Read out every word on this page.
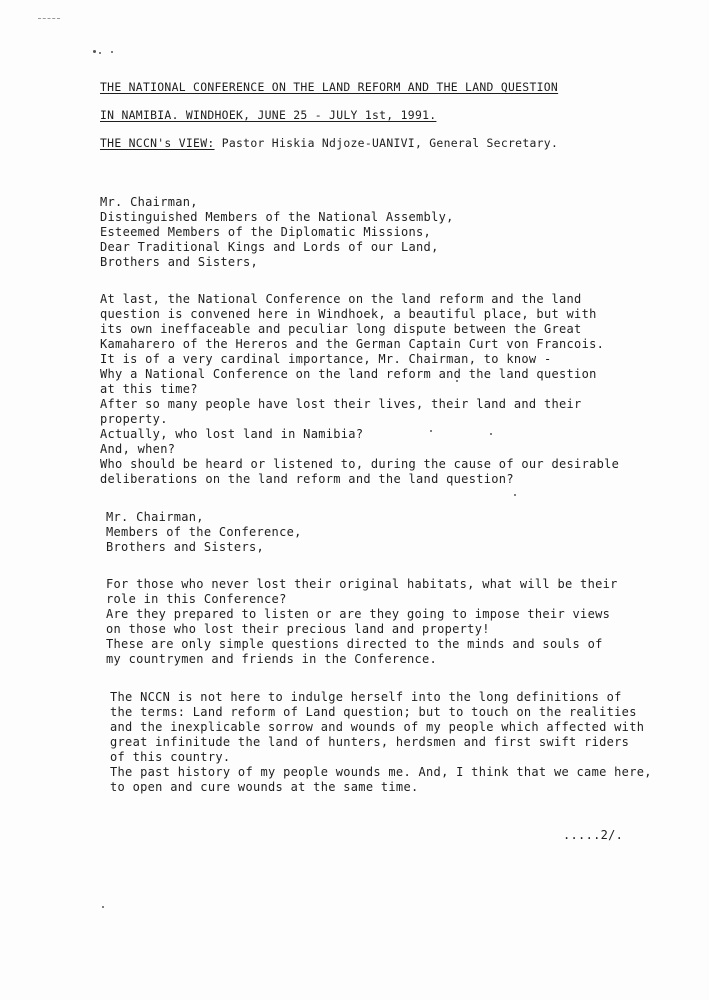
THE NATIONAL CONFERENCE ON THE LAND REFORM AND THE LAND QUESTION
IN NAMIBIA. WINDHOEK, JUNE 25 - JULY 1st, 1991.
THE NCCN's VIEW: Pastor Hiskia Ndjoze-UANIVI, General Secretary.
Mr. Chairman,
Distinguished Members of the National Assembly,
Esteemed Members of the Diplomatic Missions,
Dear Traditional Kings and Lords of our Land,
Brothers and Sisters,
At last, the National Conference on the land reform and the land
question is convened here in Windhoek, a beautiful place, but with
its own ineffaceable and peculiar long dispute between the Great
Kamaharero of the Hereros and the German Captain Curt von Francois.
It is of a very cardinal importance, Mr. Chairman, to know -
Why a National Conference on the land reform and the land question
at this time?
After so many people have lost their lives, their land and their
property.
Actually, who lost land in Namibia?
And, when?
Who should be heard or listened to, during the cause of our desirable
deliberations on the land reform and the land question?
Mr. Chairman,
Members of the Conference,
Brothers and Sisters,
For those who never lost their original habitats, what will be their
role in this Conference?
Are they prepared to listen or are they going to impose their views
on those who lost their precious land and property!
These are only simple questions directed to the minds and souls of
my countrymen and friends in the Conference.
The NCCN is not here to indulge herself into the long definitions of
the terms: Land reform of Land question; but to touch on the realities
and the inexplicable sorrow and wounds of my people which affected with
great infinitude the land of hunters, herdsmen and first swift riders
of this country.
The past history of my people wounds me. And, I think that we came here,
to open and cure wounds at the same time.
.....2/.
